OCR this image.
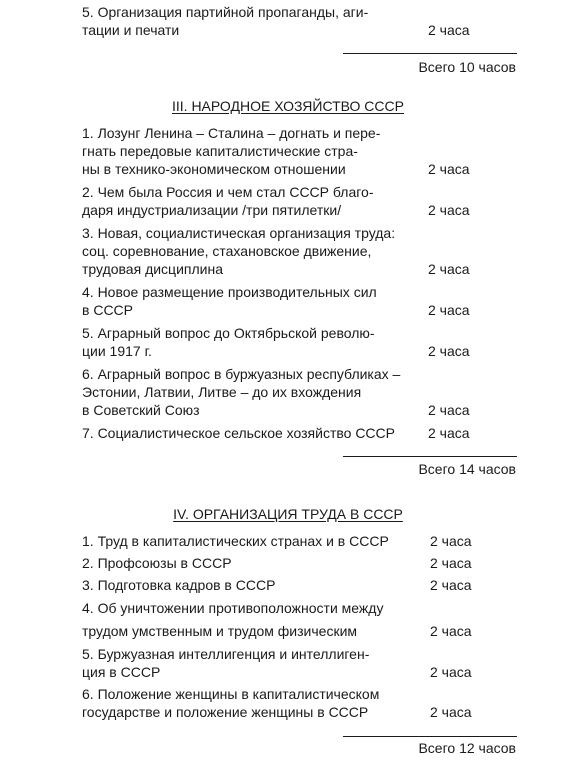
5. Организация партийной пропаганды, аги-
тации и печати	2 часа
Всего 10 часов
III. НАРОДНОЕ ХОЗЯЙСТВО СССР
1. Лозунг Ленина – Сталина – догнать и пере-
гнать передовые капиталистические стра-
ны в технико-экономическом отношении	2 часа
2. Чем была Россия и чем стал СССР благо-
даря индустриализации /три пятилетки/	2 часа
3. Новая, социалистическая организация труда:
соц. соревнование, стахановское движение,
трудовая дисциплина	2 часа
4. Новое размещение производительных сил
в СССР	2 часа
5. Аграрный вопрос до Октябрьской револю-
ции 1917 г.	2 часа
6. Аграрный вопрос в буржуазных республиках –
Эстонии, Латвии, Литве – до их вхождения
в Советский Союз	2 часа
7. Социалистическое сельское хозяйство СССР 2 часа
Всего 14 часов
IV. ОРГАНИЗАЦИЯ ТРУДА В СССР
1. Труд в капиталистических странах и в СССР	2 часа
2. Профсоюзы в СССР	2 часа
3. Подготовка кадров в СССР	2 часа
4. Об уничтожении противоположности между
трудом умственным и трудом физическим	2 часа
5. Буржуазная интеллигенция и интеллиген-
ция в СССР	2 часа
6. Положение женщины в капиталистическом
государстве и положение женщины в СССР	2 часа
Всего 12 часов
